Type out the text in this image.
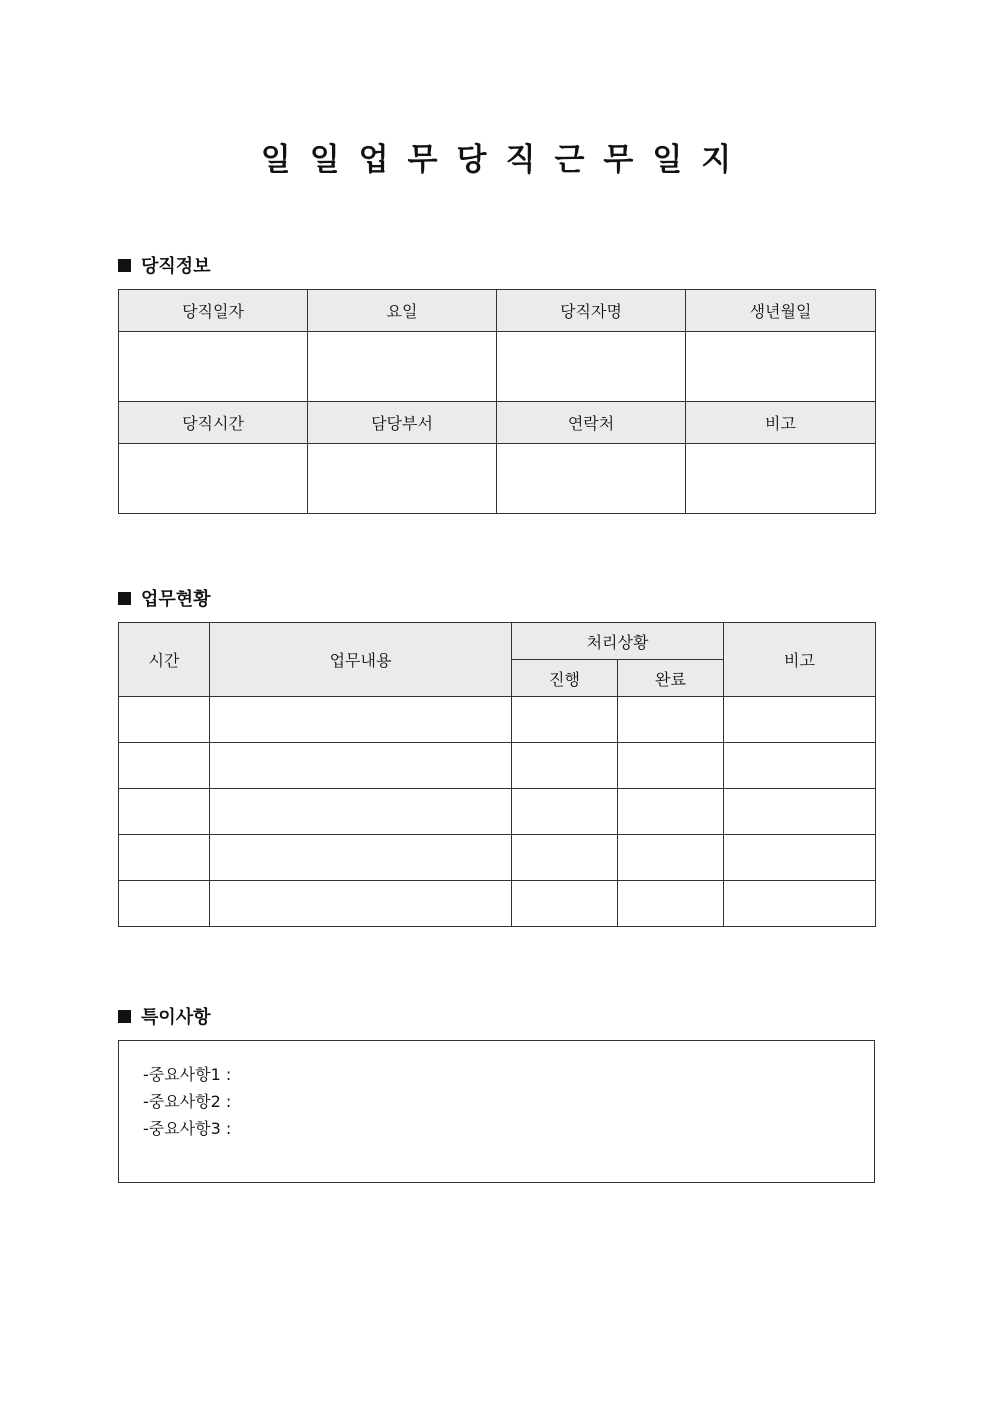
일일업무당직근무일지
당직정보
당직일자	요일	당직자명	생년월일

당직시간	담당부서	연락처	비고

업무현황
시간	업무내용	처리상황		비고
		진행	완료	

특이사항
-중요사항1 :
-중요사항2 :
-중요사항3 :
